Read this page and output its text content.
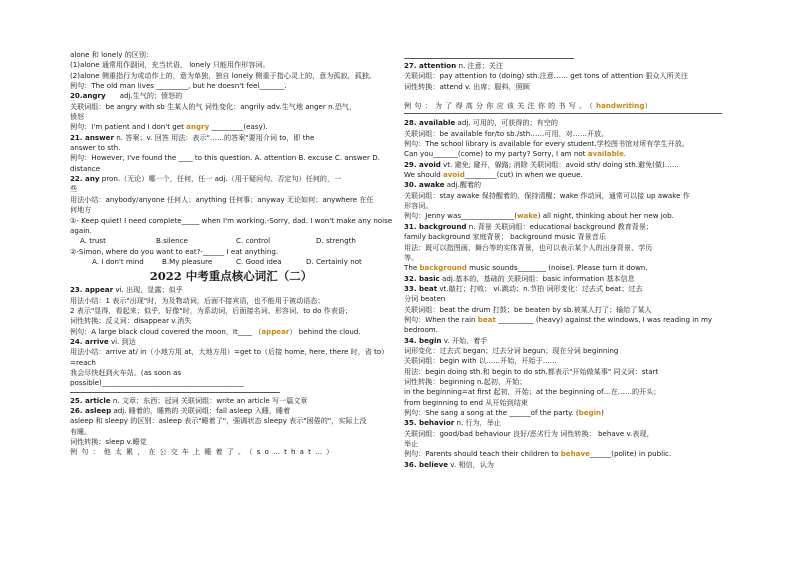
alone 和 lonely 的区别：
(1)alone 通常用作副词，充当状语， lonely 只能用作形容词。
(2)alone 侧重指行为或动作上的，意为单独，独自 lonely 侧重于指心灵上的，意为孤寂，孤独。
例句：The old man lives _________, but he doesn't feel_______.
20.angry adj.生气的；愤怒的
关联词组：be angry with sb 生某人的气 词性变化：angrily adv.生气地 anger n.恐气，
愤怒
例句：I'm patient and I don't get angry _________(easy).
21. answer n. 答案；v. 回答 用法：表示"……的答案"要用介词 to，即 the
answer to sth.
例句：However, I've found the ____ to this question. A. attention B. excuse C. answer D.
distance
22. any pron.（无论）哪一个，任何，任一 adj.（用于疑问句、否定句）任何的，一
些
用法小结：anybody/anyone 任何人；anything 任何事；anyway 无论如何；anywhere 在任
何地方
①- Keep quiet! I need complete_____ when I'm working.-Sorry, dad. I won't make any noise
again.
A. trust	B.silence	C. control	D. strength
②-Simon, where do you want to eat?-______ I eat anything.
A. I don't mind	B.My pleasure	C. Good idea	D. Certainly not
2022 中考重点核心词汇（二）
23. appear vi. 出现，显露；似乎
用法小结：1 表示"出现"时，为及物动词，后面不接宾语，也不能用于被动语态；
2 表示"显得，看起来；似乎，好像"时，为系动词，后面接名词、形容词、to do 作表语；
词性转换：反义词：disappear v.消失
例句：A large black cloud covered the moon，It____ （appear） behind the cloud.
24. arrive vi. 到达
用法小结：arrive at/ in（小地方用 at，大地方用）=get to（后接 home, here, there 时，省 to）
=reach
我会尽快赶到火车站。(as soon as
possible)________________________________________
25. article n. 文章；东西；冠词 关联词组：write an article 写一篇文章
26. asleep adj. 睡着的，睡熟的 关联词组：fall asleep 入睡，睡着
asleep 和 sleepy 的区别：asleep 表示"睡着了"，强调状态 sleepy 表示"困倦的"，实际上没
有睡。
词性转换：sleep v.睡觉
例句：他太累，在公交车上睡着了。（so…that…）
27. attention n. 注意；关注
关联词组：pay attention to (doing) sth.注意…… get tons of attention 狠众人所关注
词性转换：attend v. 出席；服料，照顾
例句：为了得高分你应该关注你的书写。（handwriting）
28. available adj. 可用的，可获得的；有空的
关联词组：be available for/to sb./sth……可用，对……开放。
例句：The school library is available for every student.学校图书馆对所有学生开放。
Can you_______(come) to my party? Sorry, I am not available.
29. avoid vt. 避免; 避开，躲路; 消除 关联词组：avoid sth/ doing sth.避免(做)……
We should avoid_________(cut) in when we queue.
30. awake adj.醒着的
关联词组：stay awake 保持醒着的，保持清醒；wake 作动词，通常可以接 up awake 作
形容词。
例句：Jenny was_______________(wake) all night, thinking about her new job.
31. background n. 背景 关联词组：educational background 教育背景；
family background 家庭背景； background music 背景音乐
用法：既可以指图画、舞台等的实体背景，也可以表示某个人的出身背景、学历
等。
The background music sounds________ (noise). Please turn it down.
32. basic adj.基本的，基础的 关联词组：basic information 基本信息
33. beat vt.敲打；打败； vi.跳动；n.节拍 词形变化：过去式 beat；过去
分词 beaten
关联词组：beat the drum 打鼓；be beaten by sb.被某人打了；输给了某人
例句：When the rain beat __________ (heavy) against the windows, I was reading in my
bedroom.
34. begin v. 开始，着手
词形变化：过去式 began；过去分词 begun；现在分词 beginning
关联词组：begin with 以……开始，开始于……
用法：begin doing sth.和 begin to do sth.都表示"开始做某事" 同义词：start
词性转换：beginning n.起初，开始；
in the beginning=at first 起初，开始；at the beginning of…在……的开头；
from beginning to end 从开始到结束
例句：She sang a song at the ______of the party. (begin)
35. behavior n. 行为，举止
关联词组：good/bad behaviour 良好/恶劣行为 词性转换： behave v.表现，
举止
例句：Parents should teach their children to behave______(polite) in public.
36. believe v. 相信，认为
